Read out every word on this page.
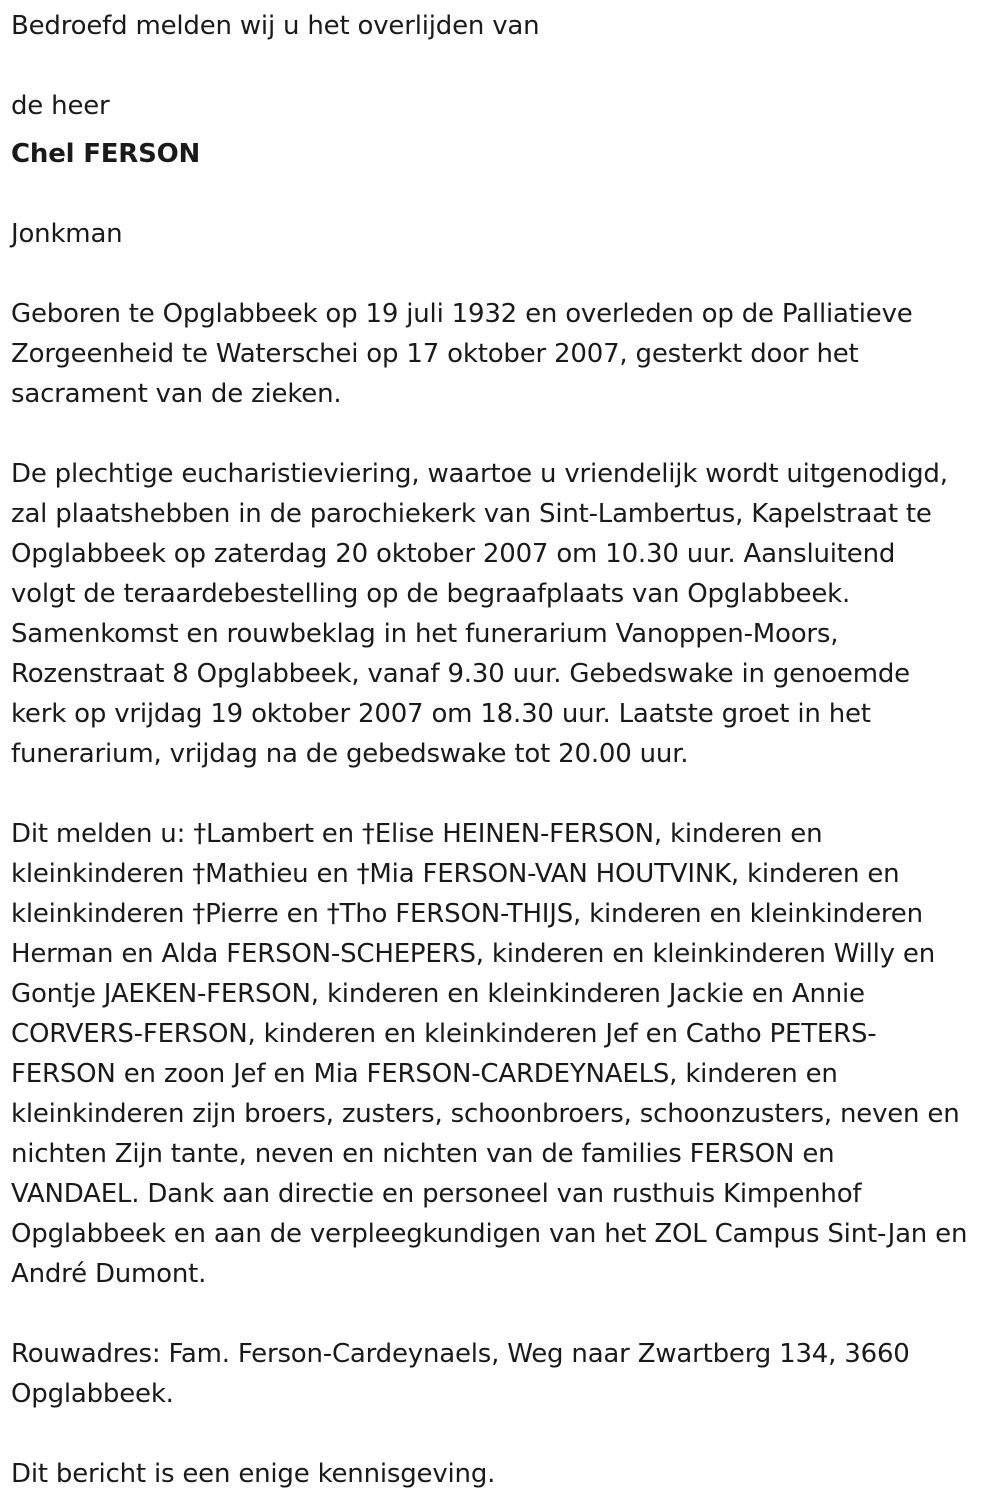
Bedroefd melden wij u het overlijden van

de heer

Chel FERSON

Jonkman

Geboren te Opglabbeek op 19 juli 1932 en overleden op de Palliatieve

Zorgeenheid te Waterschei op 17 oktober 2007, gesterkt door het

sacrament van de zieken.

De plechtige eucharistieviering, waartoe u vriendelijk wordt uitgenodigd,

zal plaatshebben in de parochiekerk van Sint-Lambertus, Kapelstraat te

Opglabbeek op zaterdag 20 oktober 2007 om 10.30 uur. Aansluitend

volgt de teraardebestelling op de begraafplaats van Opglabbeek.

Samenkomst en rouwbeklag in het funerarium Vanoppen-Moors,

Rozenstraat 8 Opglabbeek, vanaf 9.30 uur. Gebedswake in genoemde

kerk op vrijdag 19 oktober 2007 om 18.30 uur. Laatste groet in het

funerarium, vrijdag na de gebedswake tot 20.00 uur.

Dit melden u: †Lambert en †Elise HEINEN-FERSON, kinderen en

kleinkinderen †Mathieu en †Mia FERSON-VAN HOUTVINK, kinderen en

kleinkinderen †Pierre en †Tho FERSON-THIJS, kinderen en kleinkinderen

Herman en Alda FERSON-SCHEPERS, kinderen en kleinkinderen Willy en

Gontje JAEKEN-FERSON, kinderen en kleinkinderen Jackie en Annie

CORVERS-FERSON, kinderen en kleinkinderen Jef en Catho PETERS-

FERSON en zoon Jef en Mia FERSON-CARDEYNAELS, kinderen en

kleinkinderen zijn broers, zusters, schoonbroers, schoonzusters, neven en

nichten Zijn tante, neven en nichten van de families FERSON en

VANDAEL. Dank aan directie en personeel van rusthuis Kimpenhof

Opglabbeek en aan de verpleegkundigen van het ZOL Campus Sint-Jan en

André Dumont.

Rouwadres: Fam. Ferson-Cardeynaels, Weg naar Zwartberg 134, 3660

Opglabbeek.

Dit bericht is een enige kennisgeving.
